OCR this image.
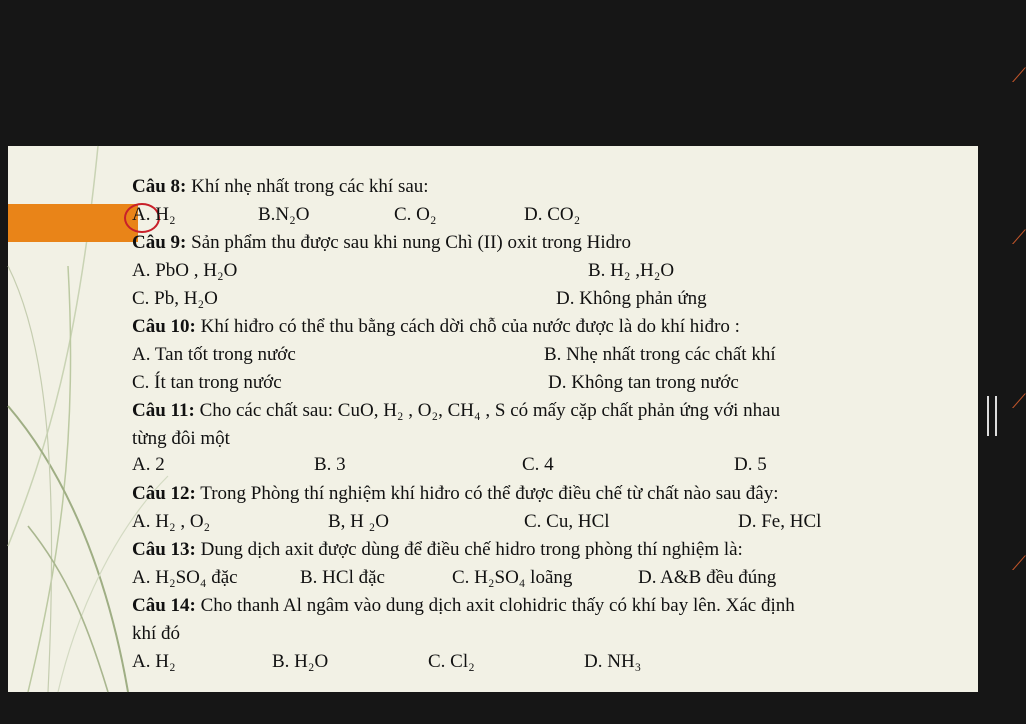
Câu 8: Khí nhẹ nhất trong các khí sau:
A. H₂	B.N₂O	C. O₂	D. CO₂
Câu 9: Sản phẩm thu được sau khi nung Chì (II) oxit trong Hidro
A. PbO , H₂O	B. H₂ ,H₂O
C. Pb, H₂O	D. Không phản ứng
Câu 10: Khí hiđro có thể thu bằng cách dời chỗ của nước được là do khí hiđro :
A. Tan tốt trong nước	B. Nhẹ nhất trong các chất khí
C. Ít tan trong nước	D. Không tan trong nước
Câu 11: Cho các chất sau: CuO, H₂ , O₂, CH₄ , S có mấy cặp chất phản ứng với nhau
từng đôi một
A. 2	B. 3	C. 4	D. 5
Câu 12: Trong Phòng thí nghiệm khí hiđro có thể được điều chế từ chất nào sau đây:
A. H₂ , O₂	B, H ₂O	C. Cu, HCl	D. Fe, HCl
Câu 13: Dung dịch axit được dùng để điều chế hidro trong phòng thí nghiệm là:
A. H₂SO₄ đặc	B. HCl đặc	C. H₂SO₄ loãng	D. A&B đều đúng
Câu 14: Cho thanh Al ngâm vào dung dịch axit clohidric thấy có khí bay lên. Xác định
khí đó
A. H₂	B. H₂O	C. Cl₂	D. NH₃
⟋
⟋
⟋
⟋
